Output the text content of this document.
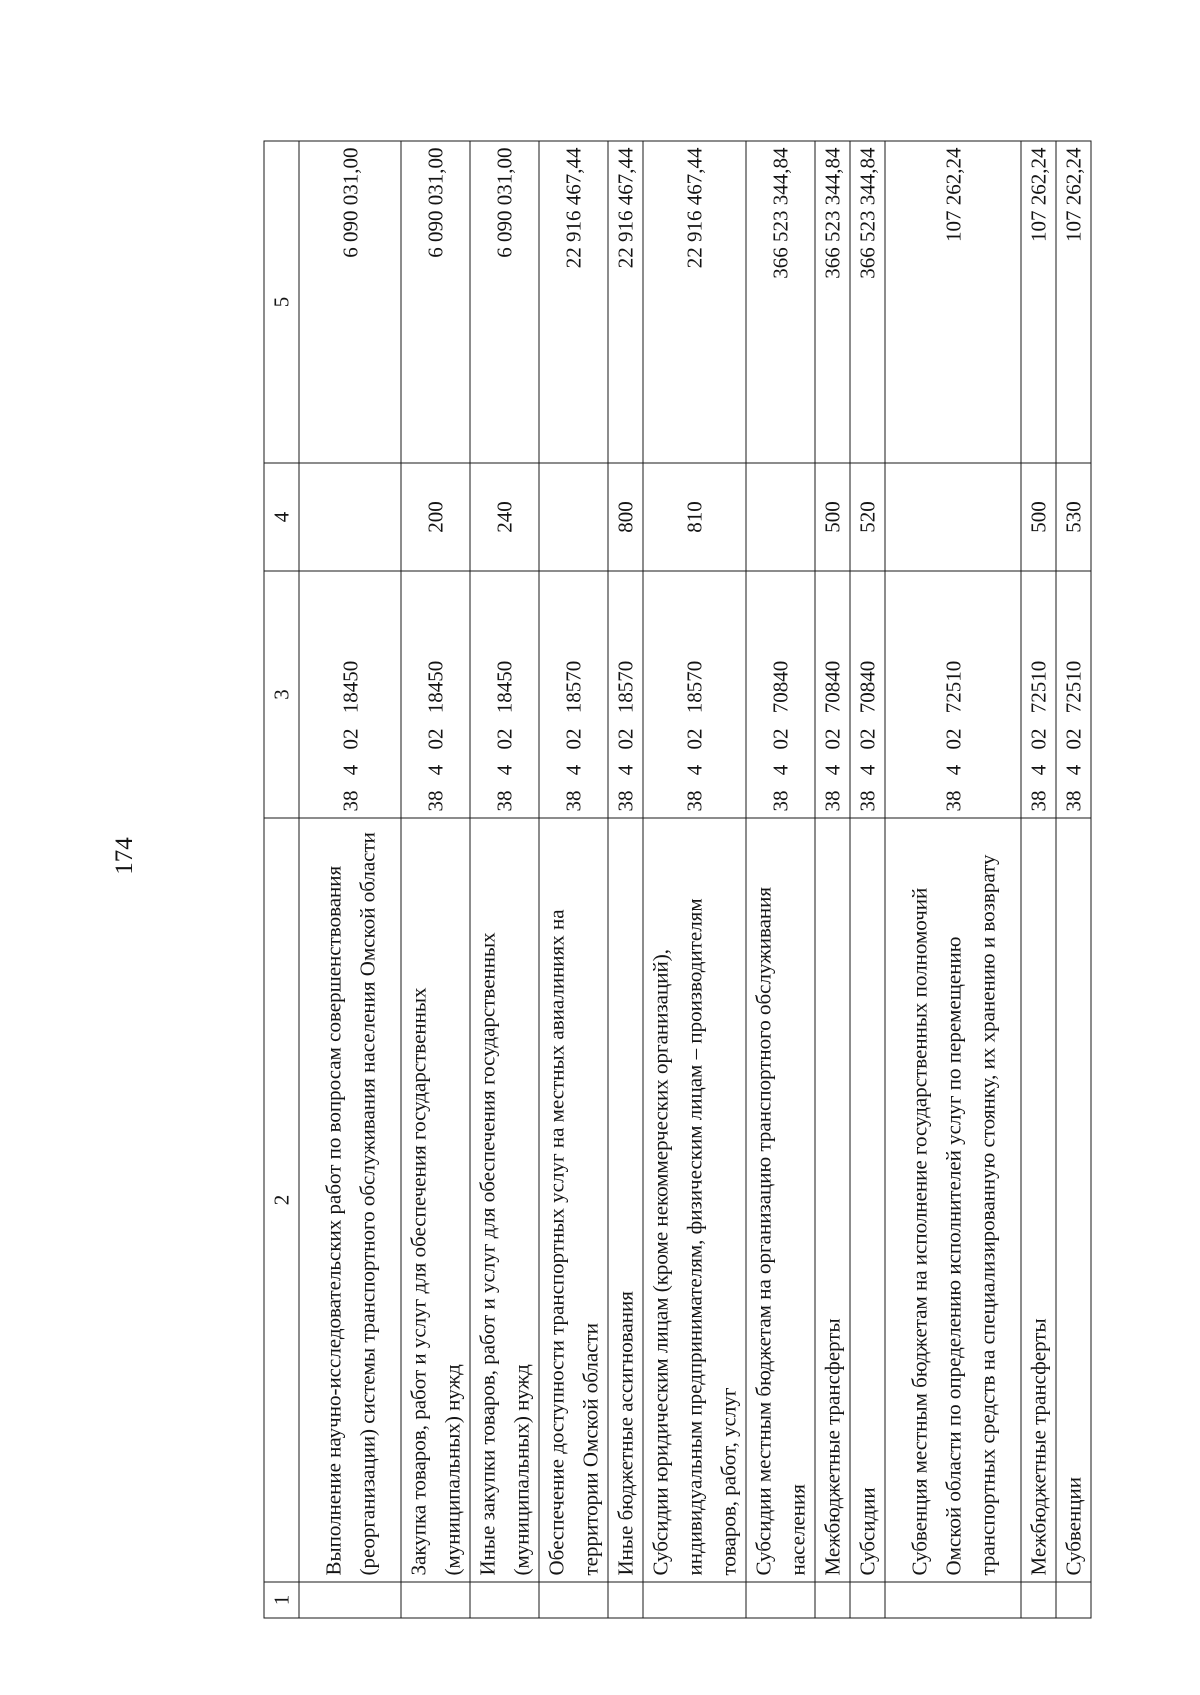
174
1	2	3	4	5
	Выполнение научно-исследовательских работ по вопросам совершенствования (реорганизации) системы транспортного обслуживания населения Омской области	38 4 02 18450		6 090 031,00
	Закупка товаров, работ и услуг для обеспечения государственных (муниципальных) нужд	38 4 02 18450	200	6 090 031,00
	Иные закупки товаров, работ и услуг для обеспечения государственных (муниципальных) нужд	38 4 02 18450	240	6 090 031,00
	Обеспечение доступности транспортных услуг на местных авиалиниях на территории Омской области	38 4 02 18570		22 916 467,44
	Иные бюджетные ассигнования	38 4 02 18570	800	22 916 467,44
	Субсидии юридическим лицам (кроме некоммерческих организаций), индивидуальным предпринимателям, физическим лицам – производителям товаров, работ, услуг	38 4 02 18570	810	22 916 467,44
	Субсидии местным бюджетам на организацию транспортного обслуживания населения	38 4 02 70840		366 523 344,84
	Межбюджетные трансферты	38 4 02 70840	500	366 523 344,84
	Субсидии	38 4 02 70840	520	366 523 344,84
	Субвенция местным бюджетам на исполнение государственных полномочий Омской области по определению исполнителей услуг по перемещению транспортных средств на специализированную стоянку, их хранению и возврату	38 4 02 72510		107 262,24
	Межбюджетные трансферты	38 4 02 72510	500	107 262,24
	Субвенции	38 4 02 72510	530	107 262,24
